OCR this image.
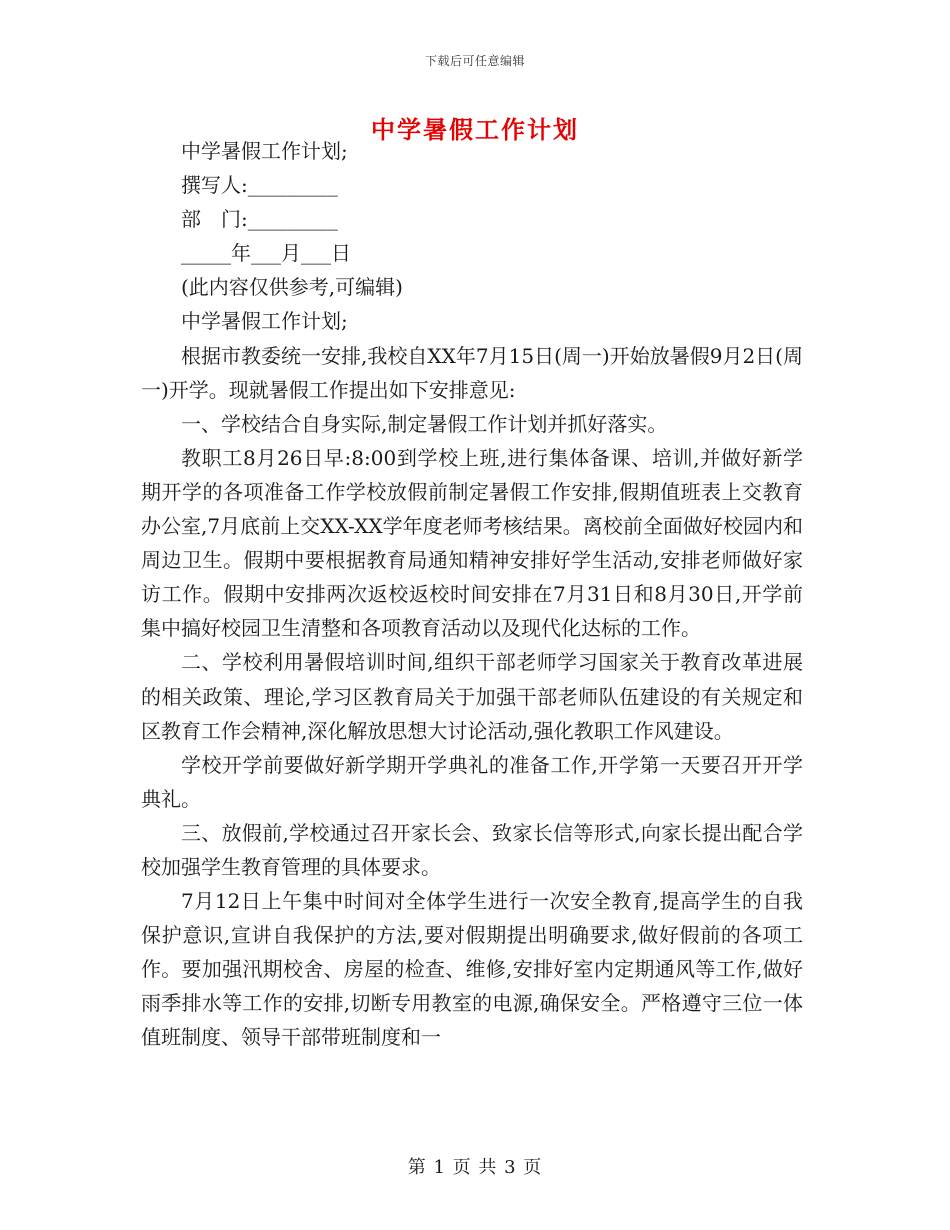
下载后可任意编辑
中学暑假工作计划

中学暑假工作计划;

撰写人:_________

部　门:_________

_____年___月___日

(此内容仅供参考,可编辑)

中学暑假工作计划;

根据市教委统一安排,我校自XX年7月15日(周一)开始放暑假9月2日(周一)开学。现就暑假工作提出如下安排意见:

一、学校结合自身实际,制定暑假工作计划并抓好落实。

教职工8月26日早:8:00到学校上班,进行集体备课、培训,并做好新学期开学的各项准备工作学校放假前制定暑假工作安排,假期值班表上交教育办公室,7月底前上交XX-XX学年度老师考核结果。离校前全面做好校园内和周边卫生。假期中要根据教育局通知精神安排好学生活动,安排老师做好家访工作。假期中安排两次返校返校时间安排在7月31日和8月30日,开学前集中搞好校园卫生清整和各项教育活动以及现代化达标的工作。

二、学校利用暑假培训时间,组织干部老师学习国家关于教育改革进展的相关政策、理论,学习区教育局关于加强干部老师队伍建设的有关规定和区教育工作会精神,深化解放思想大讨论活动,强化教职工作风建设。

学校开学前要做好新学期开学典礼的准备工作,开学第一天要召开开学典礼。

三、放假前,学校通过召开家长会、致家长信等形式,向家长提出配合学校加强学生教育管理的具体要求。

7月12日上午集中时间对全体学生进行一次安全教育,提高学生的自我保护意识,宣讲自我保护的方法,要对假期提出明确要求,做好假前的各项工作。要加强汛期校舍、房屋的检查、维修,安排好室内定期通风等工作,做好雨季排水等工作的安排,切断专用教室的电源,确保安全。严格遵守三位一体值班制度、领导干部带班制度和一

第 1 页 共 3 页
